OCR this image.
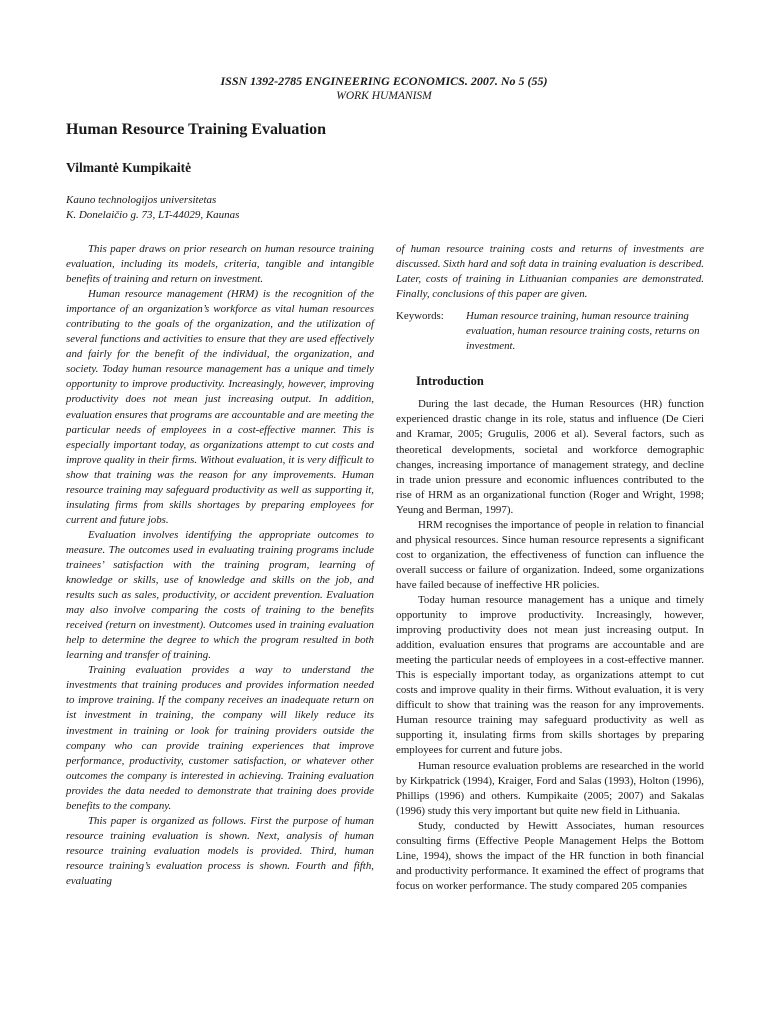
ISSN 1392-2785 ENGINEERING ECONOMICS. 2007. No 5 (55)
WORK HUMANISM
Human Resource Training Evaluation
Vilmantė Kumpikaitė
Kauno technologijos universitetas
K. Donelaičio g. 73, LT-44029, Kaunas

This paper draws on prior research on human resource training evaluation, including its models, criteria, tangible and intangible benefits of training and return on investment.

Human resource management (HRM) is the recognition of the importance of an organization’s workforce as vital human resources contributing to the goals of the organization, and the utilization of several functions and activities to ensure that they are used effectively and fairly for the benefit of the individual, the organization, and society. Today human resource management has a unique and timely opportunity to improve productivity. Increasingly, however, improving productivity does not mean just increasing output. In addition, evaluation ensures that programs are accountable and are meeting the particular needs of employees in a cost-effective manner. This is especially important today, as organizations attempt to cut costs and improve quality in their firms. Without evaluation, it is very difficult to show that training was the reason for any improvements. Human resource training may safeguard productivity as well as supporting it, insulating firms from skills shortages by preparing employees for current and future jobs.

Evaluation involves identifying the appropriate outcomes to measure. The outcomes used in evaluating training programs include trainees’ satisfaction with the training program, learning of knowledge or skills, use of knowledge and skills on the job, and results such as sales, productivity, or accident prevention. Evaluation may also involve comparing the costs of training to the benefits received (return on investment). Outcomes used in training evaluation help to determine the degree to which the program resulted in both learning and transfer of training.

Training evaluation provides a way to understand the investments that training produces and provides information needed to improve training. If the company receives an inadequate return on ist investment in training, the company will likely reduce its investment in training or look for training providers outside the company who can provide training experiences that improve performance, productivity, customer satisfaction, or whatever other outcomes the company is interested in achieving. Training evaluation provides the data needed to demonstrate that training does provide benefits to the company.

This paper is organized as follows. First the purpose of human resource training evaluation is shown. Next, analysis of human resource training evaluation models is provided. Third, human resource training’s evaluation process is shown. Fourth and fifth, evaluating

of human resource training costs and returns of investments are discussed. Sixth hard and soft data in training evaluation is described. Later, costs of training in Lithuanian companies are demonstrated. Finally, conclusions of this paper are given.

Keywords:	Human resource training, human resource training evaluation, human resource training costs, returns on investment.
Introduction

During the last decade, the Human Resources (HR) function experienced drastic change in its role, status and influence (De Cieri and Kramar, 2005; Grugulis, 2006 et al). Several factors, such as theoretical developments, societal and workforce demographic changes, increasing importance of management strategy, and decline in trade union pressure and economic influences contributed to the rise of HRM as an organizational function (Roger and Wright, 1998; Yeung and Berman, 1997).

HRM recognises the importance of people in relation to financial and physical resources. Since human resource represents a significant cost to organization, the effectiveness of function can influence the overall success or failure of organization. Indeed, some organizations have failed because of ineffective HR policies.

Today human resource management has a unique and timely opportunity to improve productivity. Increasingly, however, improving productivity does not mean just increasing output. In addition, evaluation ensures that programs are accountable and are meeting the particular needs of employees in a cost-effective manner. This is especially important today, as organizations attempt to cut costs and improve quality in their firms. Without evaluation, it is very difficult to show that training was the reason for any improvements. Human resource training may safeguard productivity as well as supporting it, insulating firms from skills shortages by preparing employees for current and future jobs.

Human resource evaluation problems are researched in the world by Kirkpatrick (1994), Kraiger, Ford and Salas (1993), Holton (1996), Phillips (1996) and others. Kumpikaite (2005; 2007) and Sakalas (1996) study this very important but quite new field in Lithuania.

Study, conducted by Hewitt Associates, human resources consulting firms (Effective People Management Helps the Bottom Line, 1994), shows the impact of the HR function in both financial and productivity performance. It examined the effect of programs that focus on worker performance. The study compared 205 companies
